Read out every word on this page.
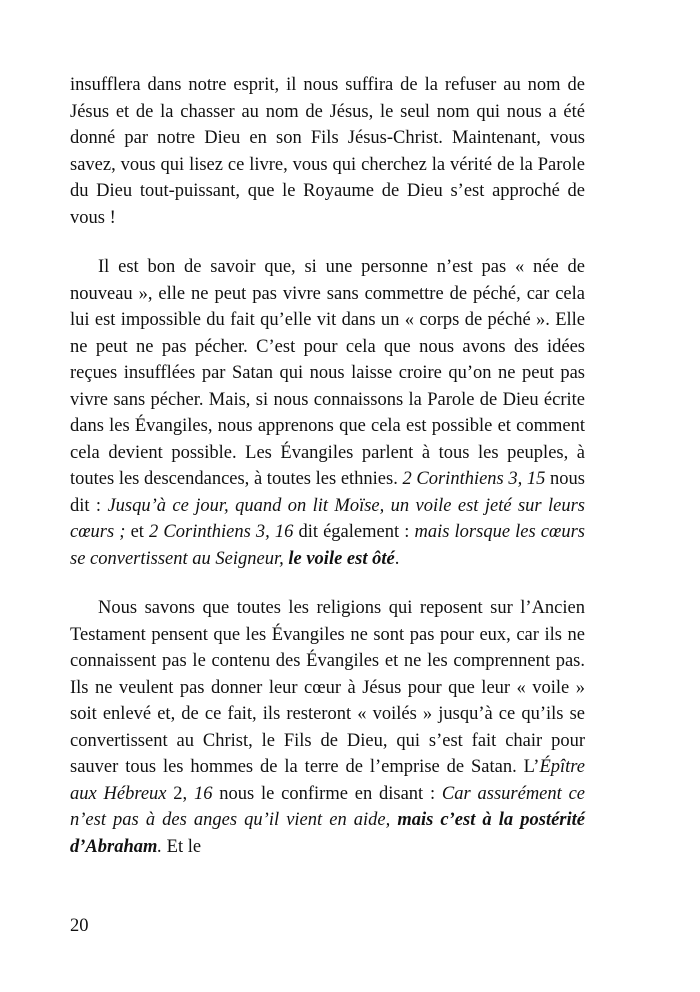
insufflera dans notre esprit, il nous suffira de la refuser au nom de Jésus et de la chasser au nom de Jésus, le seul nom qui nous a été donné par notre Dieu en son Fils Jésus-Christ. Maintenant, vous savez, vous qui lisez ce livre, vous qui cherchez la vérité de la Parole du Dieu tout-puissant, que le Royaume de Dieu s’est approché de vous !

Il est bon de savoir que, si une personne n’est pas « née de nouveau », elle ne peut pas vivre sans commettre de péché, car cela lui est impossible du fait qu’elle vit dans un « corps de péché ». Elle ne peut ne pas pécher. C’est pour cela que nous avons des idées reçues insufflées par Satan qui nous laisse croire qu’on ne peut pas vivre sans pécher. Mais, si nous connaissons la Parole de Dieu écrite dans les Évangiles, nous apprenons que cela est possible et comment cela devient possible. Les Évangiles parlent à tous les peuples, à toutes les descendances, à toutes les ethnies. 2 Corinthiens 3, 15 nous dit : Jusqu’à ce jour, quand on lit Moïse, un voile est jeté sur leurs cœurs ; et 2 Corinthiens 3, 16 dit également : mais lorsque les cœurs se convertissent au Seigneur, le voile est ôté.

Nous savons que toutes les religions qui reposent sur l’Ancien Testament pensent que les Évangiles ne sont pas pour eux, car ils ne connaissent pas le contenu des Évangiles et ne les comprennent pas. Ils ne veulent pas donner leur cœur à Jésus pour que leur « voile » soit enlevé et, de ce fait, ils resteront « voilés » jusqu’à ce qu’ils se convertissent au Christ, le Fils de Dieu, qui s’est fait chair pour sauver tous les hommes de la terre de l’emprise de Satan. L’Épître aux Hébreux 2, 16 nous le confirme en disant : Car assurément ce n’est pas à des anges qu’il vient en aide, mais c’est à la postérité d’Abraham. Et le

20
